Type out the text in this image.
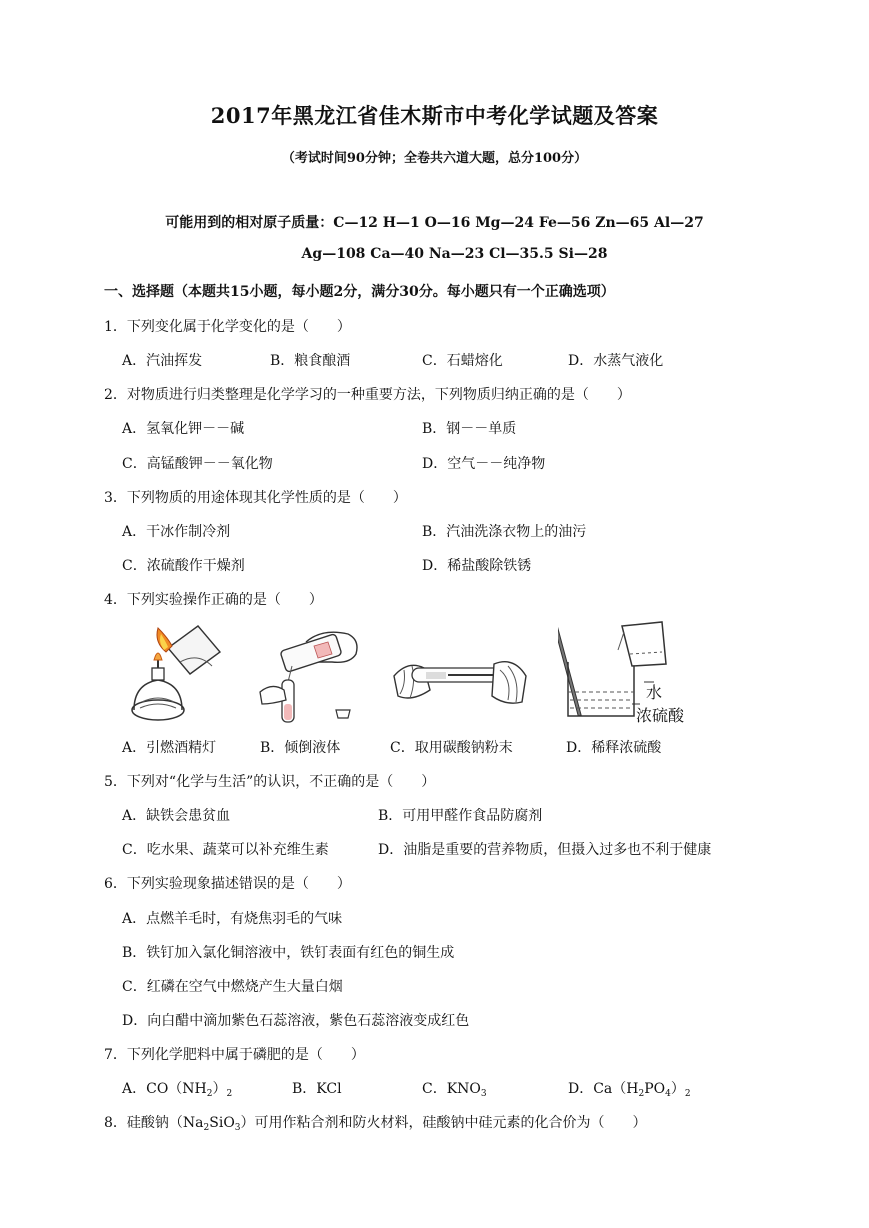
2017年黑龙江省佳木斯市中考化学试题及答案
（考试时间90分钟；全卷共六道大题，总分100分）
可能用到的相对原子质量：C—12 H—1 O—16 Mg—24 Fe—56 Zn—65 Al—27
Ag—108 Ca—40 Na—23 Cl—35.5 Si—28
一、选择题（本题共15小题，每小题2分，满分30分。每小题只有一个正确选项）
1．下列变化属于化学变化的是（　　）
A．汽油挥发	B．粮食酿酒	C．石蜡熔化	D．水蒸气液化
2．对物质进行归类整理是化学学习的一种重要方法，下列物质归纳正确的是（　　）
A．氢氧化钾－－碱	B．钢－－单质
C．高锰酸钾－－氧化物	D．空气－－纯净物
3．下列物质的用途体现其化学性质的是（　　）
A．干冰作制冷剂	B．汽油洗涤衣物上的油污
C．浓硫酸作干燥剂	D．稀盐酸除铁锈
4．下列实验操作正确的是（　　）
水
浓硫酸
A．引燃酒精灯	B．倾倒液体	C．取用碳酸钠粉末	D．稀释浓硫酸
5．下列对“化学与生活”的认识，不正确的是（　　）
A．缺铁会患贫血	B．可用甲醛作食品防腐剂
C．吃水果、蔬菜可以补充维生素	D．油脂是重要的营养物质，但摄入过多也不利于健康
6．下列实验现象描述错误的是（　　）
A．点燃羊毛时，有烧焦羽毛的气味
B．铁钉加入氯化铜溶液中，铁钉表面有红色的铜生成
C．红磷在空气中燃烧产生大量白烟
D．向白醋中滴加紫色石蕊溶液，紫色石蕊溶液变成红色
7．下列化学肥料中属于磷肥的是（　　）
A．$CO(NH_2)_2$	B．KCl	C．$KNO_3$	D．$Ca(H_2PO_4)_2$
8．硅酸钠$(Na_2SiO_3)$可用作粘合剂和防火材料，硅酸钠中硅元素的化合价为（　　）
